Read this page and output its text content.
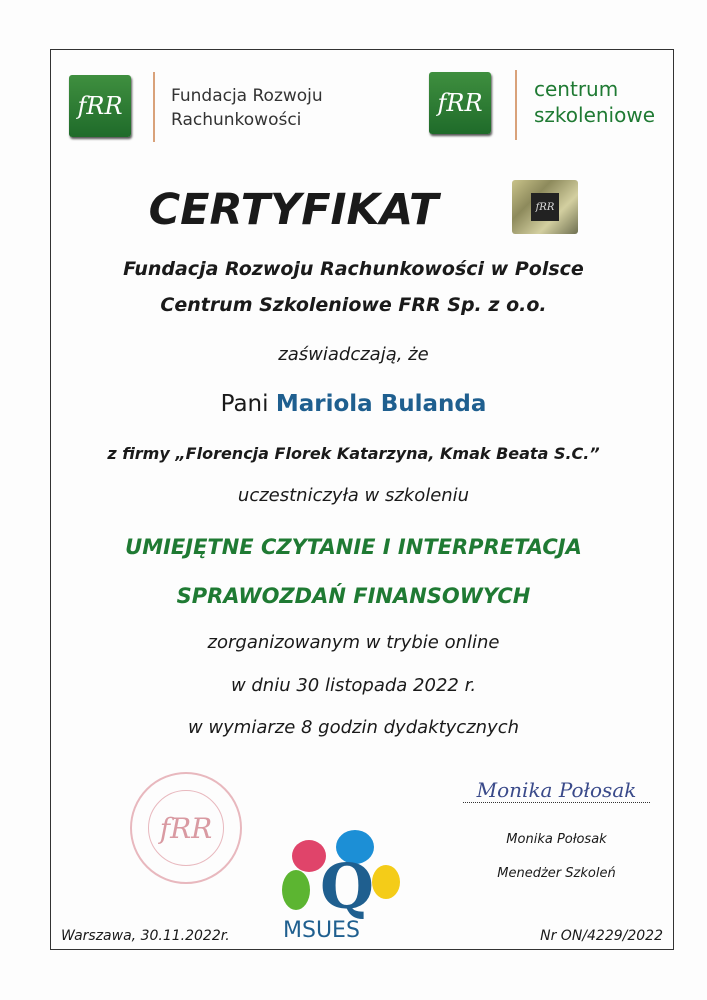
fRR	Fundacja Rozwoju
Rachunkowości
fRR	centrum
szkoleniowe
CERTYFIKAT	fRR
Fundacja Rozwoju Rachunkowości w Polsce
Centrum Szkoleniowe FRR Sp. z o.o.
zaświadczają, że
Pani Mariola Bulanda
z firmy „Florencja Florek Katarzyna, Kmak Beata S.C.”
uczestniczyła w szkoleniu
UMIEJĘTNE CZYTANIE I INTERPRETACJA
SPRAWOZDAŃ FINANSOWYCH
zorganizowanym w trybie online
w dniu 30 listopada 2022 r.
w wymiarze 8 godzin dydaktycznych
fRR
Monika Połosak
Monika Połosak
Menedżer Szkoleń
Q
MSUES
Warszawa, 30.11.2022r.	Nr ON/4229/2022
